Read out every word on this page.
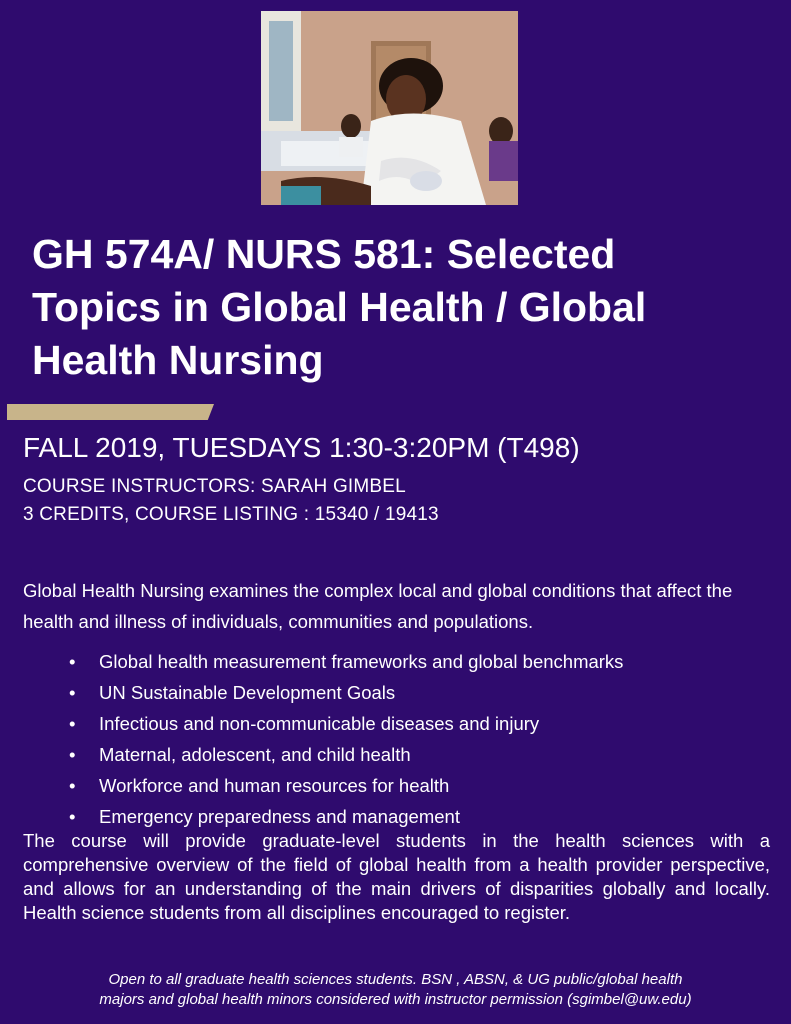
GH 574A/ NURS 581: Selected
Topics in Global Health / Global
Health Nursing
FALL 2019, TUESDAYS 1:30-3:20PM (T498)
COURSE INSTRUCTORS: SARAH GIMBEL
3 CREDITS, COURSE LISTING : 15340 / 19413

Global Health Nursing examines the complex local and global conditions that affect the health and illness of individuals, communities and populations.

• Global health measurement frameworks and global benchmarks
• UN Sustainable Development Goals
• Infectious and non-communicable diseases and injury
• Maternal, adolescent, and child health
• Workforce and human resources for health
• Emergency preparedness and management

The course will provide graduate-level students in the health sciences with a comprehensive overview of the field of global health from a health provider perspective, and allows for an understanding of the main drivers of disparities globally and locally. Health science students from all disciplines encouraged to register.

Open to all graduate health sciences students. BSN , ABSN, & UG public/global health
majors and global health minors considered with instructor permission (sgimbel@uw.edu)
